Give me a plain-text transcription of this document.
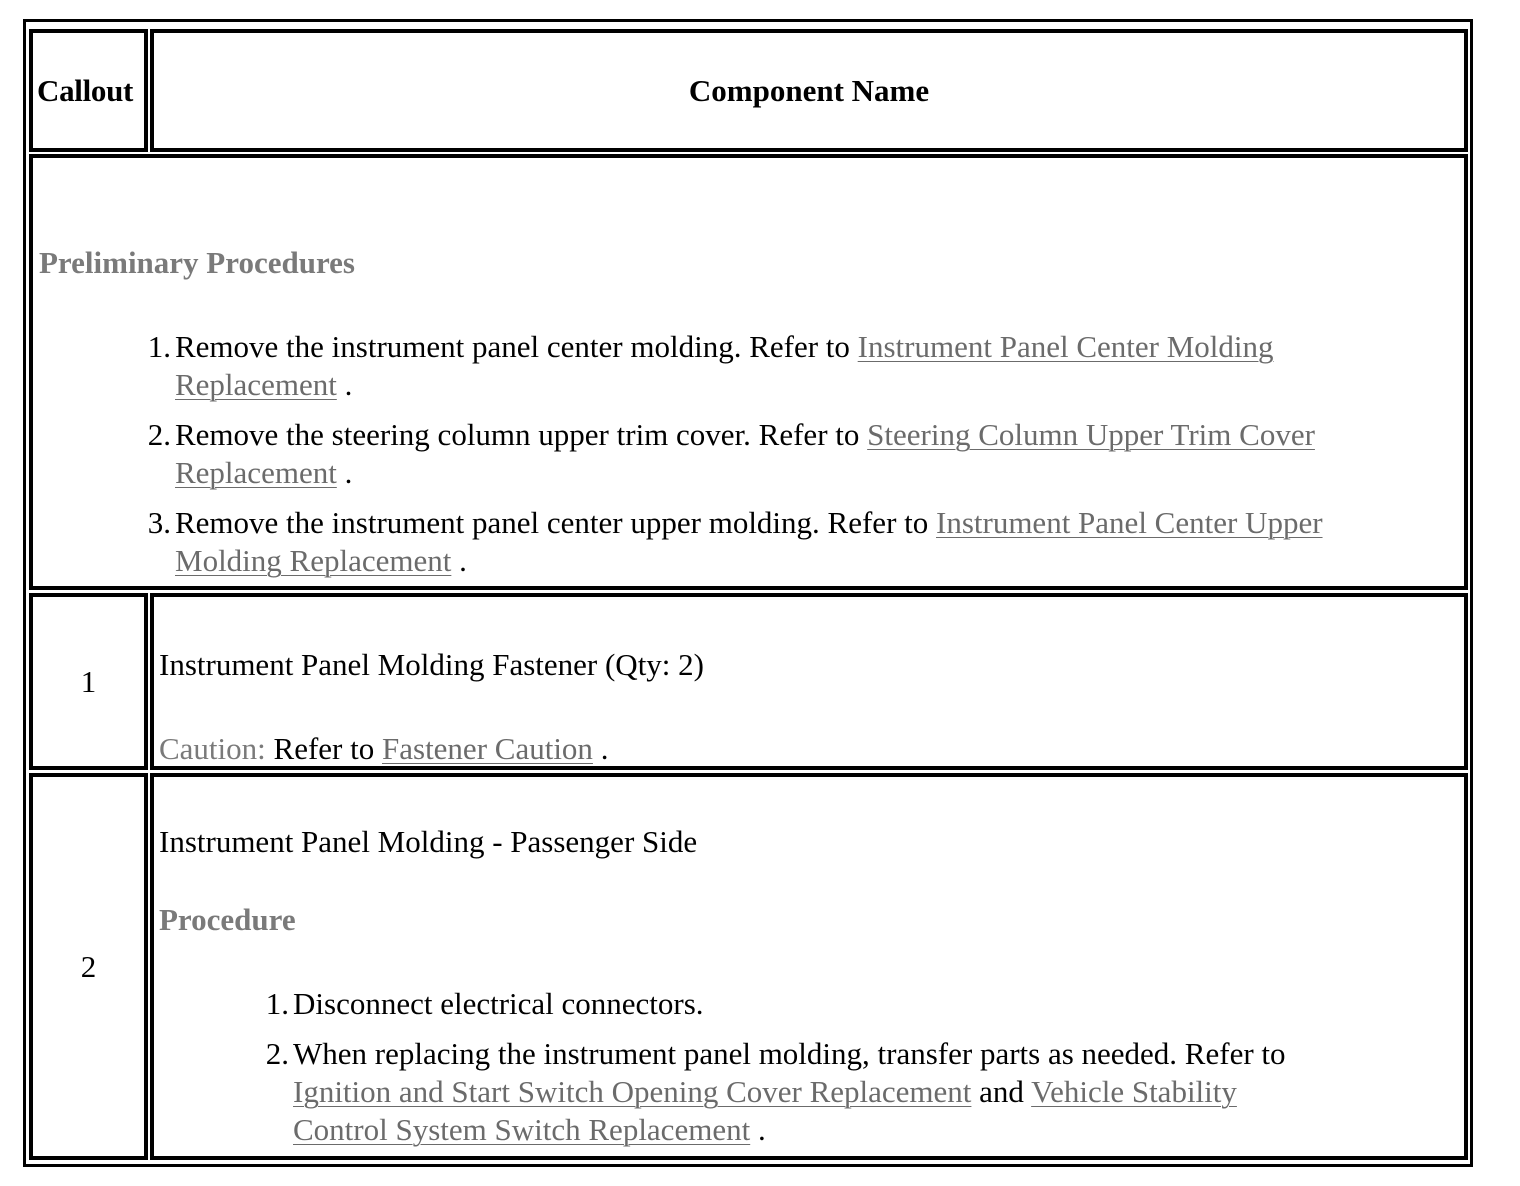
Callout	Component Name
Preliminary Procedures
1. Remove the instrument panel center molding. Refer to Instrument Panel Center Molding
Replacement .
2. Remove the steering column upper trim cover. Refer to Steering Column Upper Trim Cover
Replacement .
3. Remove the instrument panel center upper molding. Refer to Instrument Panel Center Upper
Molding Replacement .
1 Instrument Panel Molding Fastener (Qty: 2)
Caution: Refer to Fastener Caution .
2
Instrument Panel Molding - Passenger Side
Procedure
1. Disconnect electrical connectors.
2. When replacing the instrument panel molding, transfer parts as needed. Refer to
Ignition and Start Switch Opening Cover Replacement and Vehicle Stability
Control System Switch Replacement .
